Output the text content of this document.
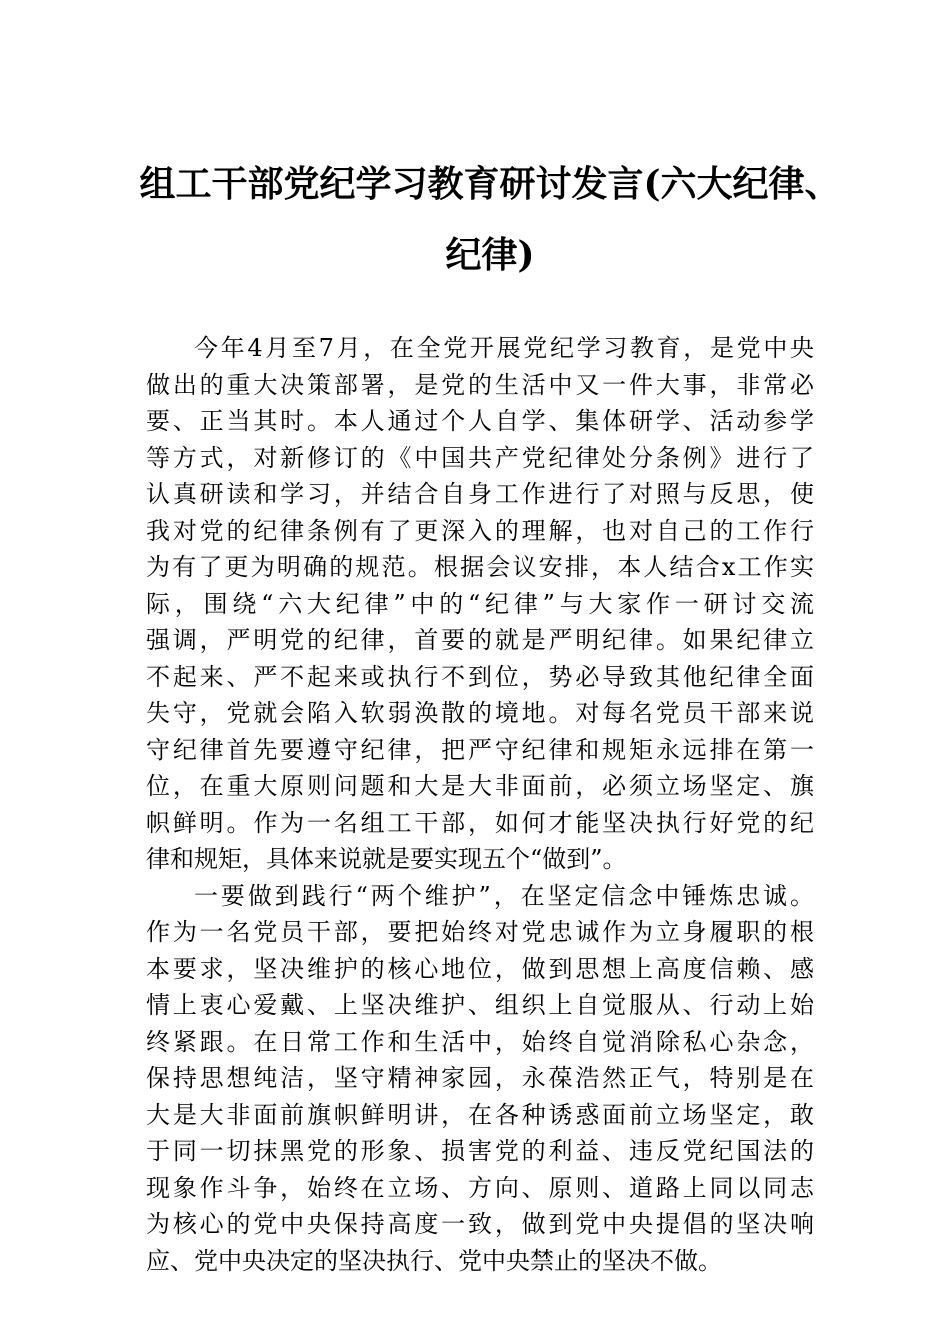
组工干部党纪学习教育研讨发言(六大纪律、
纪律)

今年4月至7月，在全党开展党纪学习教育，是党中央
做出的重大决策部署，是党的生活中又一件大事，非常必
要、正当其时。本人通过个人自学、集体研学、活动参学
等方式，对新修订的《中国共产党纪律处分条例》进行了
认真研读和学习，并结合自身工作进行了对照与反思，使
我对党的纪律条例有了更深入的理解，也对自己的工作行
为有了更为明确的规范。根据会议安排，本人结合x工作实
际，围绕“六大纪律”中的“纪律”与大家作一研讨交流
强调，严明党的纪律，首要的就是严明纪律。如果纪律立
不起来、严不起来或执行不到位，势必导致其他纪律全面
失守，党就会陷入软弱涣散的境地。对每名党员干部来说
守纪律首先要遵守纪律，把严守纪律和规矩永远排在第一
位，在重大原则问题和大是大非面前，必须立场坚定、旗
帜鲜明。作为一名组工干部，如何才能坚决执行好党的纪
律和规矩，具体来说就是要实现五个“做到”。

一要做到践行“两个维护”，在坚定信念中锤炼忠诚。
作为一名党员干部，要把始终对党忠诚作为立身履职的根
本要求，坚决维护的核心地位，做到思想上高度信赖、感
情上衷心爱戴、上坚决维护、组织上自觉服从、行动上始
终紧跟。在日常工作和生活中，始终自觉消除私心杂念，
保持思想纯洁，坚守精神家园，永葆浩然正气，特别是在
大是大非面前旗帜鲜明讲，在各种诱惑面前立场坚定，敢
于同一切抹黑党的形象、损害党的利益、违反党纪国法的
现象作斗争，始终在立场、方向、原则、道路上同以同志
为核心的党中央保持高度一致，做到党中央提倡的坚决响
应、党中央决定的坚决执行、党中央禁止的坚决不做。
